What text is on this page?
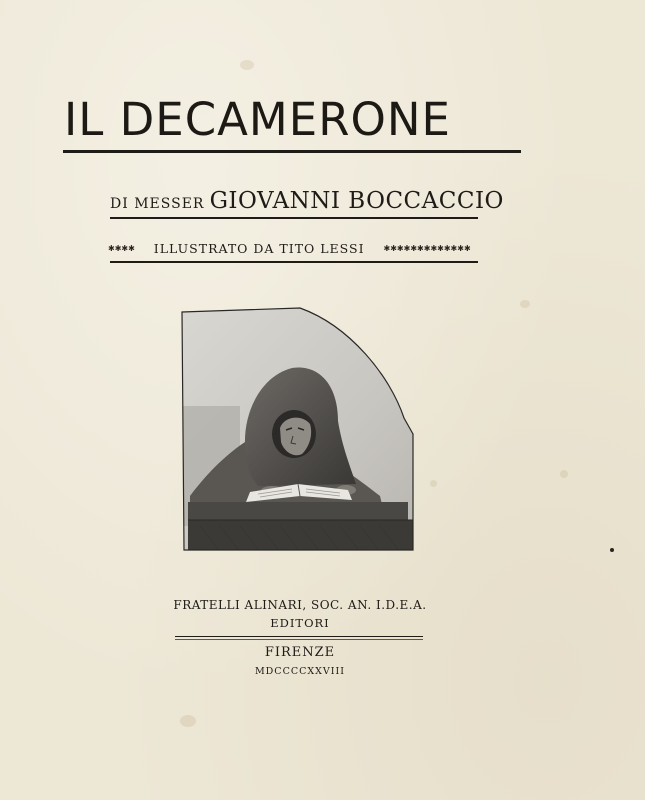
IL DECAMERONE
DI MESSER GIOVANNI BOCCACCIO
✱✱✱✱ ILLUSTRATO DA TITO LESSI ✱✱✱✱✱✱✱✱✱✱✱✱✱
FRATELLI ALINARI, SOC. AN. I.D.E.A.
EDITORI
FIRENZE
MDCCCCXXVIII
